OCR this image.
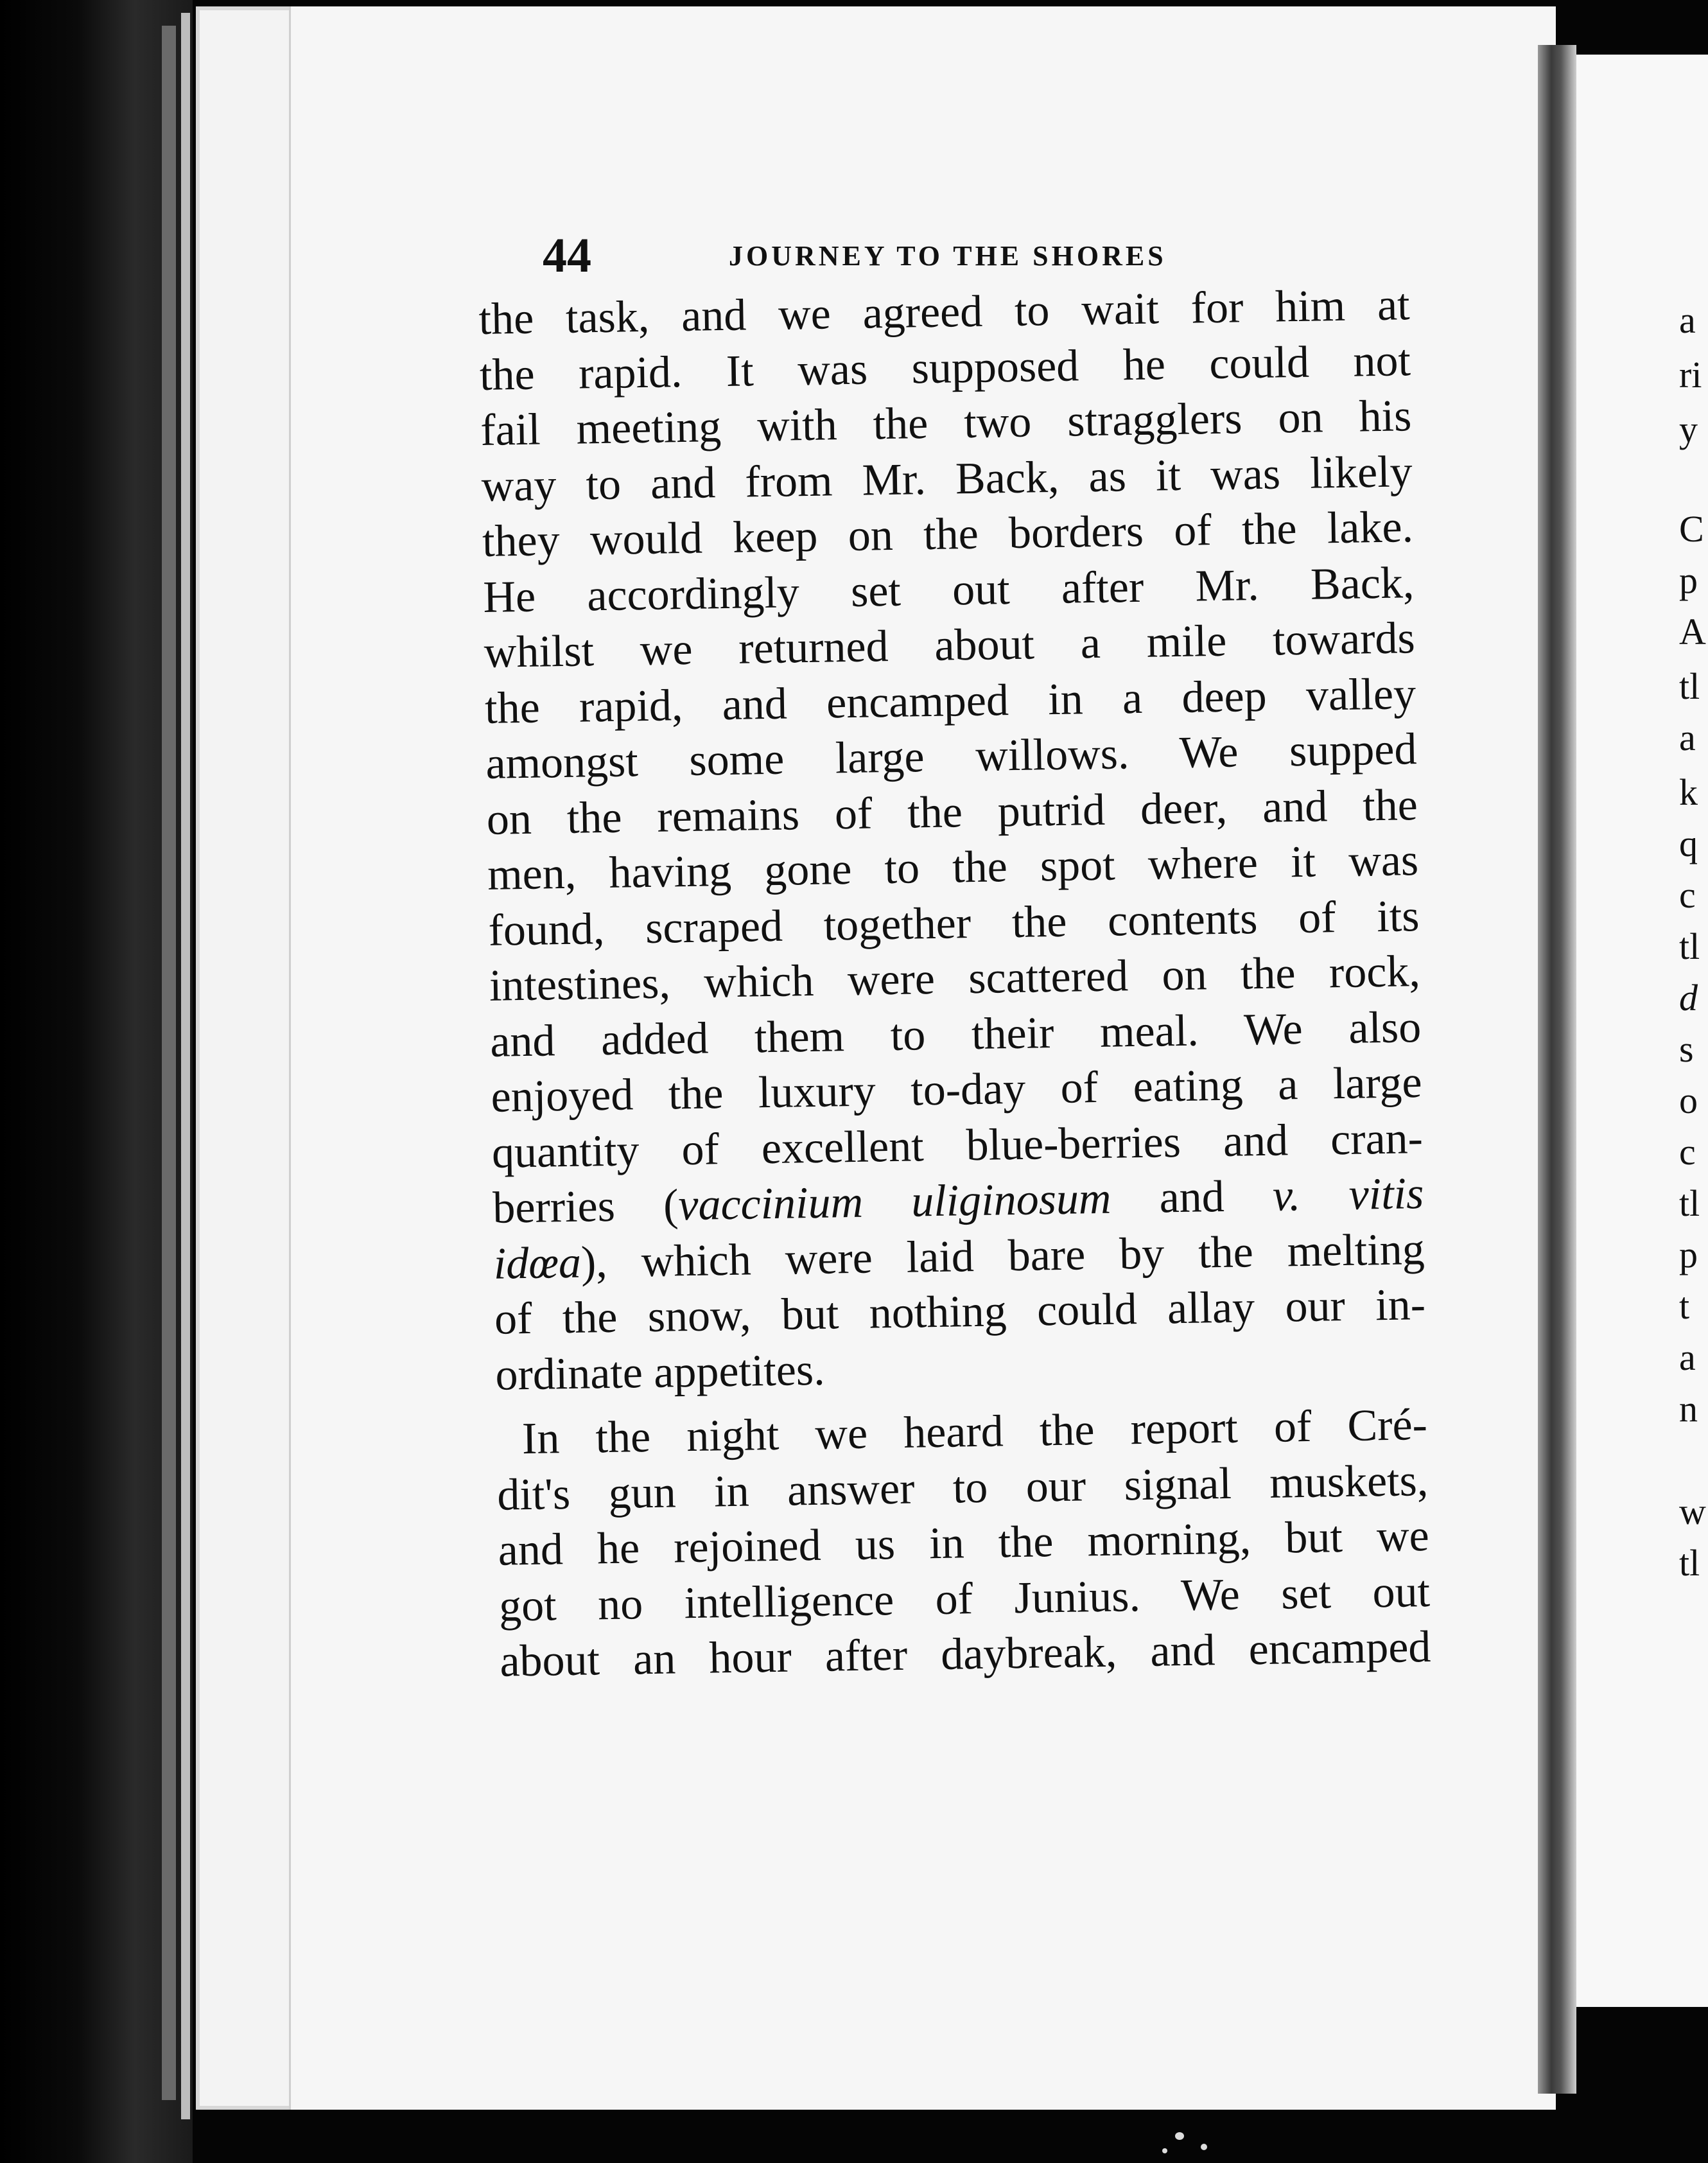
a
ri
y
C
p
A
tl
a
k
q
c
tl
d
s
o
c
tl
p
t
a
n
w
tl
44	JOURNEY TO THE SHORES
the task, and we agreed to wait for him at
the rapid. It was supposed he could not
fail meeting with the two stragglers on his
way to and from Mr. Back, as it was likely
they would keep on the borders of the lake.
He accordingly set out after Mr. Back,
whilst we returned about a mile towards
the rapid, and encamped in a deep valley
amongst some large willows. We supped
on the remains of the putrid deer, and the
men, having gone to the spot where it was
found, scraped together the contents of its
intestines, which were scattered on the rock,
and added them to their meal. We also
enjoyed the luxury to-day of eating a large
quantity of excellent blue-berries and cran-
berries (vaccinium uliginosum and v. vitis
idœa), which were laid bare by the melting
of the snow, but nothing could allay our in-
ordinate appetites.
In the night we heard the report of Cré-
dit's gun in answer to our signal muskets,
and he rejoined us in the morning, but we
got no intelligence of Junius. We set out
about an hour after daybreak, and encamped
